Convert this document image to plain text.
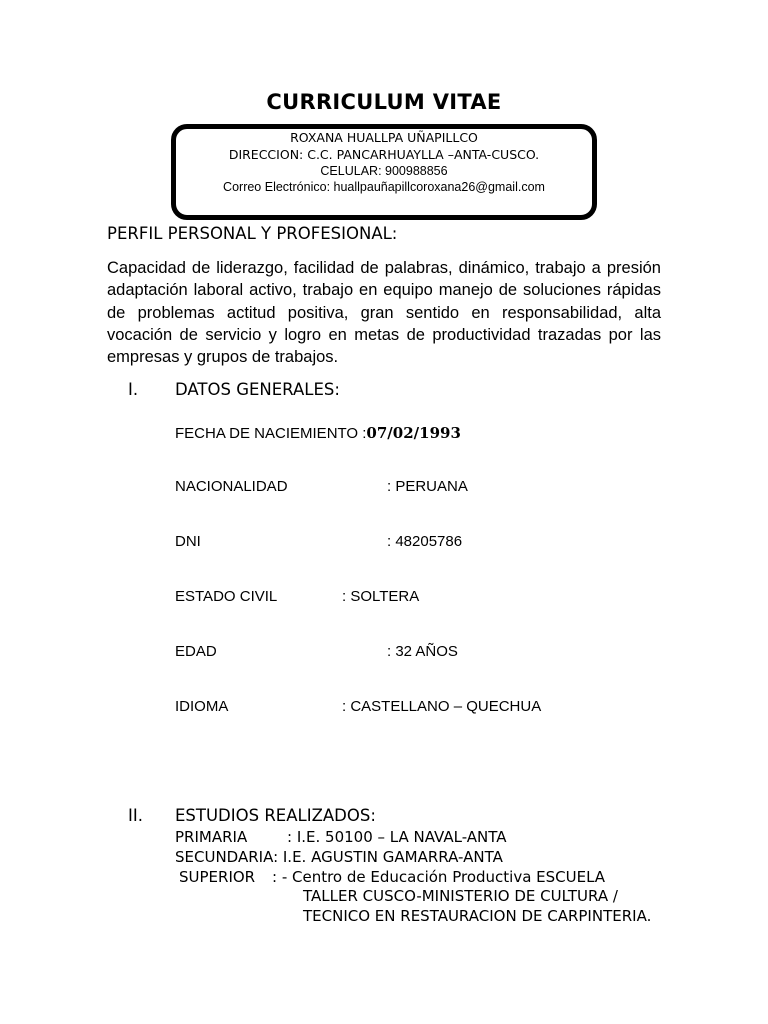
CURRICULUM VITAE
ROXANA HUALLPA UÑAPILLCO
DIRECCION: C.C. PANCARHUAYLLA –ANTA-CUSCO.
CELULAR: 900988856
Correo Electrónico: huallpauñapillcoroxana26@gmail.com
PERFIL PERSONAL Y PROFESIONAL:
Capacidad de liderazgo, facilidad de palabras, dinámico, trabajo a presión adaptación laboral activo, trabajo en equipo manejo de soluciones rápidas de problemas actitud positiva, gran sentido en responsabilidad, alta vocación de servicio y logro en metas de productividad trazadas por las empresas y grupos de trabajos.
I. DATOS GENERALES:
FECHA DE NACIEMIENTO :07/02/1993
NACIONALIDAD	: PERUANA
DNI	: 48205786
ESTADO CIVIL	: SOLTERA
EDAD	: 32 AÑOS
IDIOMA	: CASTELLANO – QUECHUA
II. ESTUDIOS REALIZADOS:
PRIMARIA	: I.E. 50100 – LA NAVAL-ANTA
SECUNDARIA: I.E. AGUSTIN GAMARRA-ANTA
SUPERIOR : - Centro de Educación Productiva ESCUELA
TALLER CUSCO-MINISTERIO DE CULTURA /
TECNICO EN RESTAURACION DE CARPINTERIA.
